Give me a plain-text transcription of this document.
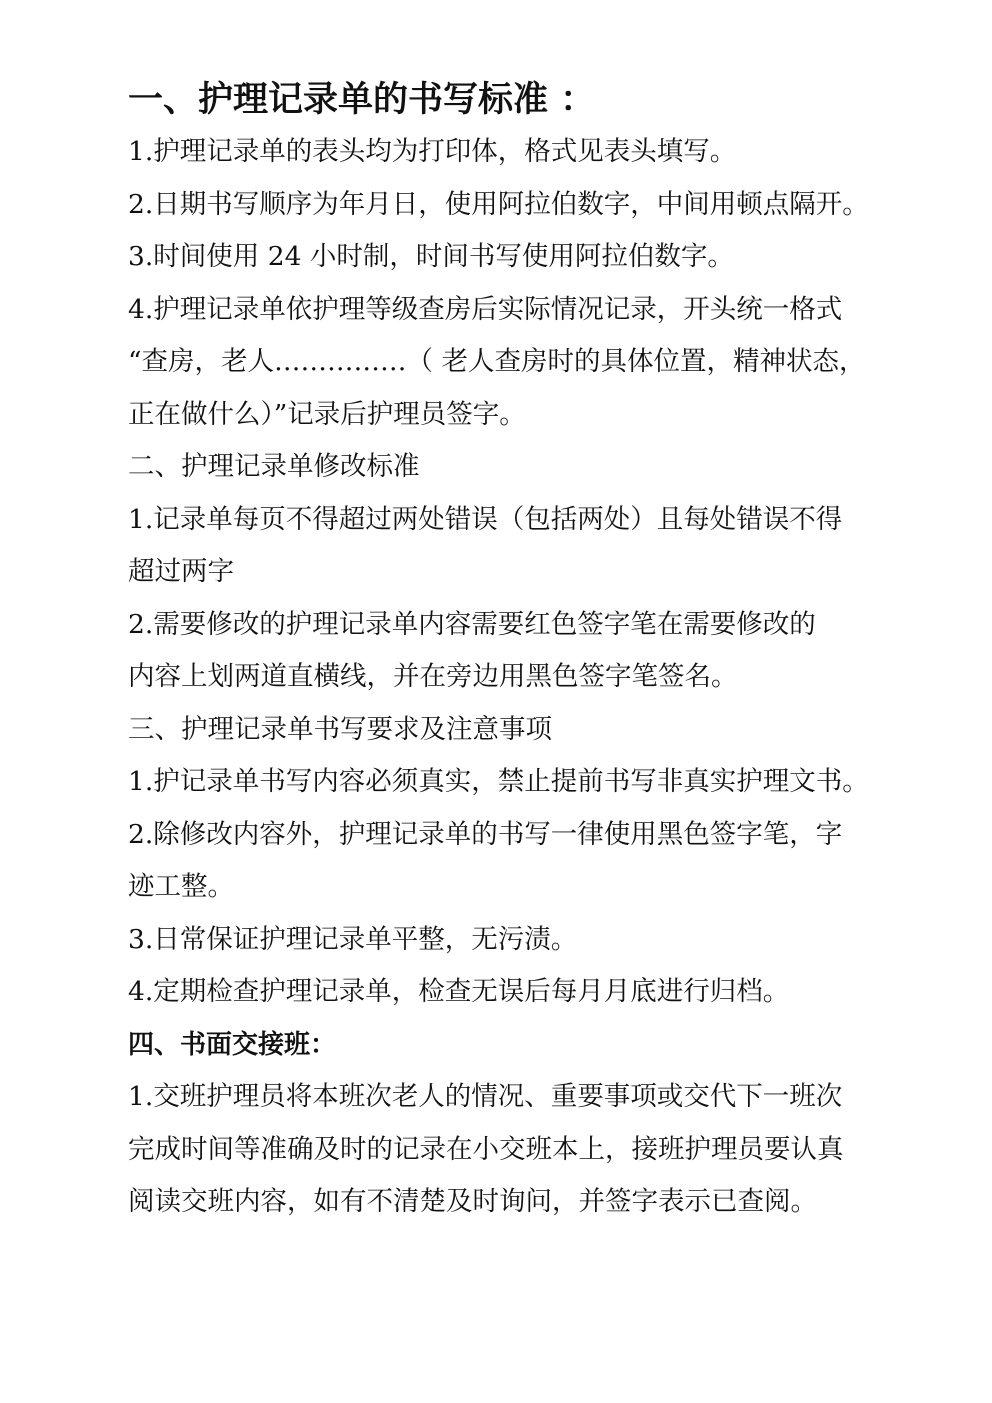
一、护理记录单的书写标准 ：

1.护理记录单的表头均为打印体，格式见表头填写。

2.日期书写顺序为年月日，使用阿拉伯数字，中间用顿点隔开。

3.时间使用 24 小时制，时间书写使用阿拉伯数字。

4.护理记录单依护理等级查房后实际情况记录，开头统一格式

“查房，老人……………（ 老人查房时的具体位置，精神状态，

正在做什么）”记录后护理员签字。

二、护理记录单修改标准

1.记录单每页不得超过两处错误（包括两处）且每处错误不得

超过两字

2.需要修改的护理记录单内容需要红色签字笔在需要修改的

内容上划两道直横线，并在旁边用黑色签字笔签名。

三、护理记录单书写要求及注意事项

1.护记录单书写内容必须真实，禁止提前书写非真实护理文书。

2.除修改内容外，护理记录单的书写一律使用黑色签字笔，字

迹工整。

3.日常保证护理记录单平整，无污渍。

4.定期检查护理记录单，检查无误后每月月底进行归档。

四、书面交接班：

1.交班护理员将本班次老人的情况、重要事项或交代下一班次

完成时间等准确及时的记录在小交班本上，接班护理员要认真

阅读交班内容，如有不清楚及时询问，并签字表示已查阅。
